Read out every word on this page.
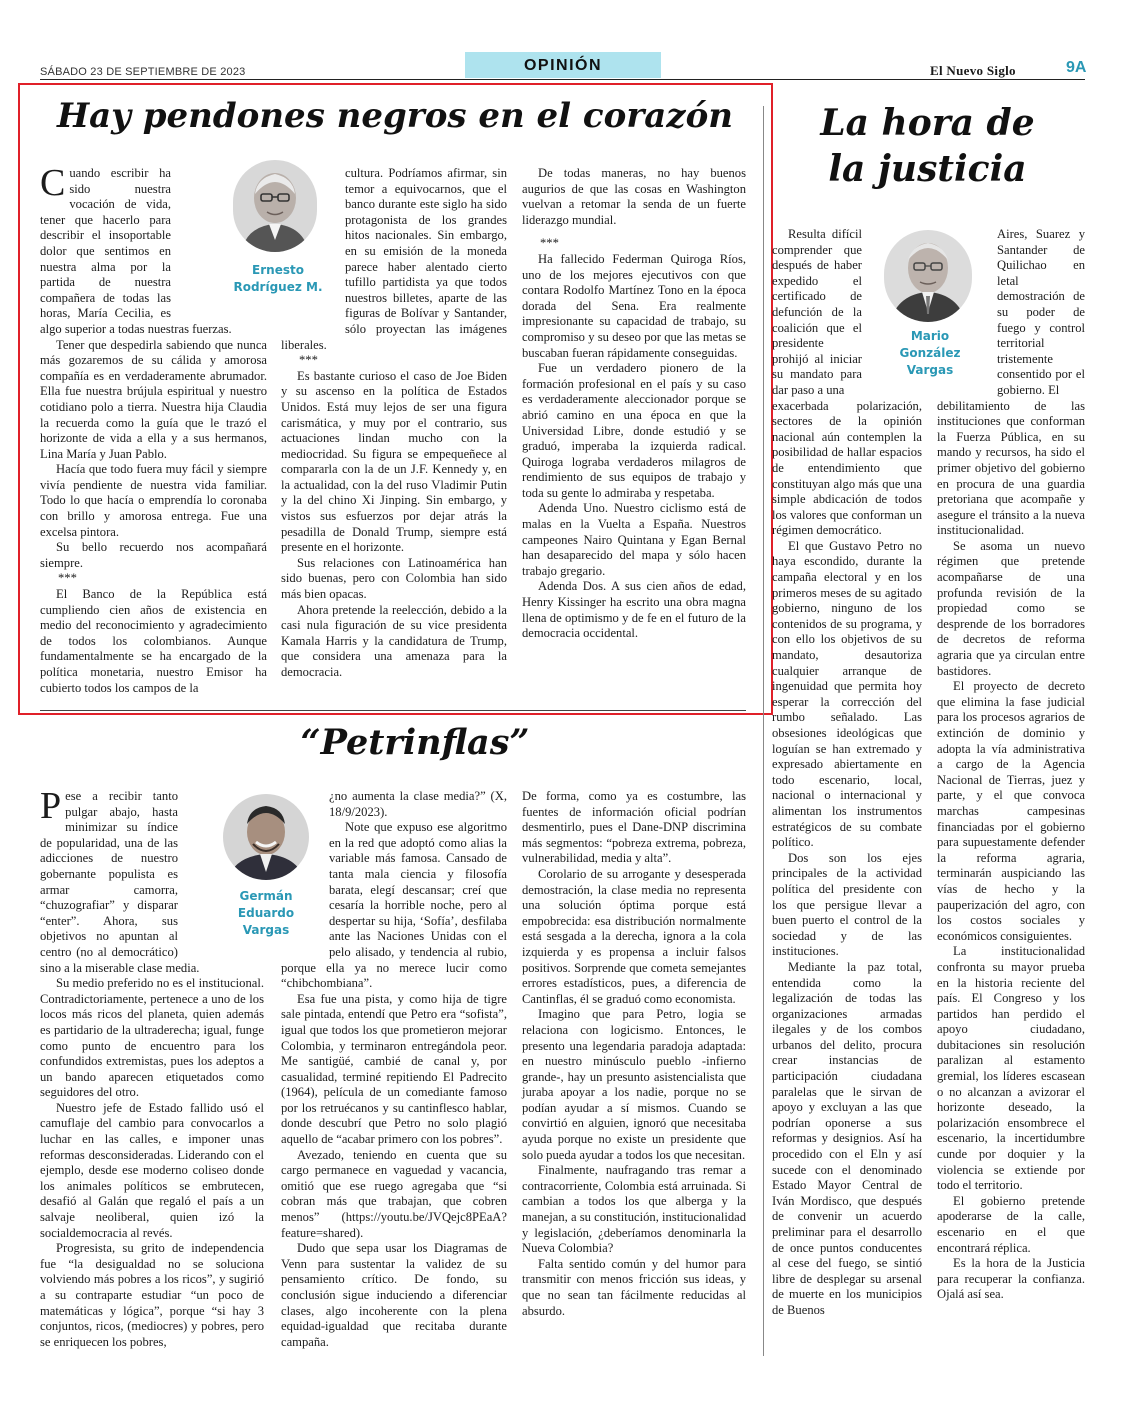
SÁBADO 23 DE SEPTIEMBRE DE 2023	OPINIÓN	El Nuevo Siglo	9A
Hay pendones negros en el corazón
Ernesto
Rodríguez M.

Cuando escribir ha sido nuestra vocación de vida, tener que hacerlo para describir el insoportable dolor que sentimos en nuestra alma por la partida de nuestra compañera de todas las horas, María Cecilia, es algo superior a todas nuestras fuerzas.

Tener que despedirla sabiendo que nunca más gozaremos de su cálida y amorosa compañía es en verdaderamente abrumador. Ella fue nuestra brújula espiritual y nuestro cotidiano polo a tierra. Nuestra hija Claudia la recuerda como la guía que le trazó el horizonte de vida a ella y a sus hermanos, Lina María y Juan Pablo.

Hacía que todo fuera muy fácil y siempre vivía pendiente de nuestra vida familiar. Todo lo que hacía o emprendía lo coronaba con brillo y amorosa entrega. Fue una excelsa pintora.

Su bello recuerdo nos acompañará siempre.

***

El Banco de la República está cumpliendo cien años de existencia en medio del reconocimiento y agradecimiento de todos los colombianos. Aunque fundamentalmente se ha encargado de la política monetaria, nuestro Emisor ha cubierto todos los campos de la

cultura. Podríamos afirmar, sin temor a equivocarnos, que el banco durante este siglo ha sido protagonista de los grandes hitos nacionales. Sin embargo, en su emisión de la moneda parece haber alentado cierto tufillo partidista ya que todos nuestros billetes, aparte de las figuras de Bolívar y Santander, sólo proyectan las imágenes liberales.

***

Es bastante curioso el caso de Joe Biden y su ascenso en la política de Estados Unidos. Está muy lejos de ser una figura carismática, y muy por el contrario, sus actuaciones lindan mucho con la mediocridad. Su figura se empequeñece al compararla con la de un J.F. Kennedy y, en la actualidad, con la del ruso Vladimir Putin y la del chino Xi Jinping. Sin embargo, y vistos sus esfuerzos por dejar atrás la pesadilla de Donald Trump, siempre está presente en el horizonte.

Sus relaciones con Latinoamérica han sido buenas, pero con Colombia han sido más bien opacas.

Ahora pretende la reelección, debido a la casi nula figuración de su vice presidenta Kamala Harris y la candidatura de Trump, que considera una amenaza para la democracia.

De todas maneras, no hay buenos augurios de que las cosas en Washington vuelvan a retomar la senda de un fuerte liderazgo mundial.

***

Ha fallecido Federman Quiroga Ríos, uno de los mejores ejecutivos con que contara Rodolfo Martínez Tono en la época dorada del Sena. Era realmente impresionante su capacidad de trabajo, su compromiso y su deseo por que las metas se buscaban fueran rápidamente conseguidas.

Fue un verdadero pionero de la formación profesional en el país y su caso es verdaderamente aleccionador porque se abrió camino en una época en que la Universidad Libre, donde estudió y se graduó, imperaba la izquierda radical. Quiroga lograba verdaderos milagros de rendimiento de sus equipos de trabajo y toda su gente lo admiraba y respetaba.

Adenda Uno. Nuestro ciclismo está de malas en la Vuelta a España. Nuestros campeones Nairo Quintana y Egan Bernal han desaparecido del mapa y sólo hacen trabajo gregario.

Adenda Dos. A sus cien años de edad, Henry Kissinger ha escrito una obra magna llena de optimismo y de fe en el futuro de la democracia occidental.

La hora de
la justicia
Mario
González
Vargas

Resulta difícil comprender que después de haber expedido el certificado de defunción de la coalición que el presidente prohijó al iniciar su mandato para dar paso a una

exacerbada polarización, sectores de la opinión nacional aún contemplen la posibilidad de hallar espacios de entendimiento que constituyan algo más que una simple abdicación de todos los valores que conforman un régimen democrático.

El que Gustavo Petro no haya escondido, durante la campaña electoral y en los primeros meses de su agitado gobierno, ninguno de los contenidos de su programa, y con ello los objetivos de su mandato, desautoriza cualquier arranque de ingenuidad que permita hoy esperar la corrección del rumbo señalado. Las obsesiones ideológicas que loguían se han extremado y expresado abiertamente en todo escenario, local, nacional o internacional y alimentan los instrumentos estratégicos de su combate político.

Dos son los ejes principales de la actividad política del presidente con los que persigue llevar a buen puerto el control de la sociedad y de las instituciones.

Mediante la paz total, entendida como la legalización de todas las organizaciones armadas ilegales y de los combos urbanos del delito, procura crear instancias de participación ciudadana paralelas que le sirvan de apoyo y excluyan a las que podrían oponerse a sus reformas y designios. Así ha procedido con el Eln y así sucede con el denominado Estado Mayor Central de Iván Mordisco, que después de convenir un acuerdo preliminar para el desarrollo de once puntos conducentes al cese del fuego, se sintió libre de desplegar su arsenal de muerte en los municipios de Buenos

Aires, Suarez y Santander de Quilichao en letal demostración de su poder de fuego y control territorial tristemente consentido por el gobierno. El

debilitamiento de las instituciones que conforman la Fuerza Pública, en su mando y recursos, ha sido el primer objetivo del gobierno en procura de una guardia pretoriana que acompañe y asegure el tránsito a la nueva institucionalidad.

Se asoma un nuevo régimen que pretende acompañarse de una profunda revisión de la propiedad como se desprende de los borradores de decretos de reforma agraria que ya circulan entre bastidores.

El proyecto de decreto que elimina la fase judicial para los procesos agrarios de extinción de dominio y adopta la vía administrativa a cargo de la Agencia Nacional de Tierras, juez y parte, y el que convoca marchas campesinas financiadas por el gobierno para supuestamente defender la reforma agraria, terminarán auspiciando las vías de hecho y la pauperización del agro, con los costos sociales y económicos consiguientes.

La institucionalidad confronta su mayor prueba en la historia reciente del país. El Congreso y los partidos han perdido el apoyo ciudadano, dubitaciones sin resolución paralizan al estamento gremial, los líderes escasean o no alcanzan a avizorar el horizonte deseado, la polarización ensombrece el escenario, la incertidumbre cunde por doquier y la violencia se extiende por todo el territorio.

El gobierno pretende apoderarse de la calle, escenario en el que encontrará réplica.

Es la hora de la Justicia para recuperar la confianza. Ojalá así sea.

“Petrinflas”
Germán
Eduardo
Vargas

Pese a recibir tanto pulgar abajo, hasta minimizar su índice de popularidad, una de las adicciones de nuestro gobernante populista es armar camorra, “chuzografiar” y disparar “enter”. Ahora, sus objetivos no apuntan al centro (no al democrático) sino a la miserable clase media.

Su medio preferido no es el institucional. Contradictoriamente, pertenece a uno de los locos más ricos del planeta, quien además es partidario de la ultraderecha; igual, funge como punto de encuentro para los confundidos extremistas, pues los adeptos a un bando aparecen etiquetados como seguidores del otro.

Nuestro jefe de Estado fallido usó el camuflaje del cambio para convocarlos a luchar en las calles, e imponer unas reformas desconsideradas. Liderando con el ejemplo, desde ese moderno coliseo donde los animales políticos se embrutecen, desafió al Galán que regaló el país a un salvaje neoliberal, quien izó la socialdemocracia al revés.

Progresista, su grito de independencia fue “la desigualdad no se soluciona volviendo más pobres a los ricos”, y sugirió a su contraparte estudiar “un poco de matemáticas y lógica”, porque “si hay 3 conjuntos, ricos, (mediocres) y pobres, pero se enriquecen los pobres,

¿no aumenta la clase media?” (X, 18/9/2023).

Note que expuso ese algoritmo en la red que adoptó como alias la variable más famosa. Cansado de tanta mala ciencia y filosofía barata, elegí descansar; creí que cesaría la horrible noche, pero al despertar su hija, ‘Sofía’, desfilaba ante las Naciones Unidas con el pelo alisado, y tendencia al rubio, porque ella ya no merece lucir como “chibchombiana”.

Esa fue una pista, y como hija de tigre sale pintada, entendí que Petro era “sofista”, igual que todos los que prometieron mejorar Colombia, y terminaron entregándola peor. Me santigüé, cambié de canal y, por casualidad, terminé repitiendo El Padrecito (1964), película de un comediante famoso por los retruécanos y su cantinflesco hablar, donde descubrí que Petro no solo plagió aquello de “acabar primero con los pobres”.

Avezado, teniendo en cuenta que su cargo permanece en vaguedad y vacancia, omitió que ese ruego agregaba que “si cobran más que trabajan, que cobren menos” (https://youtu.be/JVQejc8PEaA?feature=shared).

Dudo que sepa usar los Diagramas de Venn para sustentar la validez de su pensamiento crítico. De fondo, su conclusión sigue induciendo a diferenciar clases, algo incoherente con la plena equidad-igualdad que recitaba durante campaña.

De forma, como ya es costumbre, las fuentes de información oficial podrían desmentirlo, pues el Dane-DNP discrimina más segmentos: “pobreza extrema, pobreza, vulnerabilidad, media y alta”.

Corolario de su arrogante y desesperada demostración, la clase media no representa una solución óptima porque está empobrecida: esa distribución normalmente está sesgada a la derecha, ignora a la cola izquierda y es propensa a incluir falsos positivos. Sorprende que cometa semejantes errores estadísticos, pues, a diferencia de Cantinflas, él se graduó como economista.

Imagino que para Petro, logia se relaciona con logicismo. Entonces, le presento una legendaria paradoja adaptada: en nuestro minúsculo pueblo -infierno grande-, hay un presunto asistencialista que juraba apoyar a los nadie, porque no se podían ayudar a sí mismos. Cuando se convirtió en alguien, ignoró que necesitaba ayuda porque no existe un presidente que solo pueda ayudar a todos los que necesitan.

Finalmente, naufragando tras remar a contracorriente, Colombia está arruinada. Si cambian a todos los que alberga y la manejan, a su constitución, institucionalidad y legislación, ¿deberíamos denominarla la Nueva Colombia?

Falta sentido común y del humor para transmitir con menos fricción sus ideas, y que no sean tan fácilmente reducidas al absurdo.
